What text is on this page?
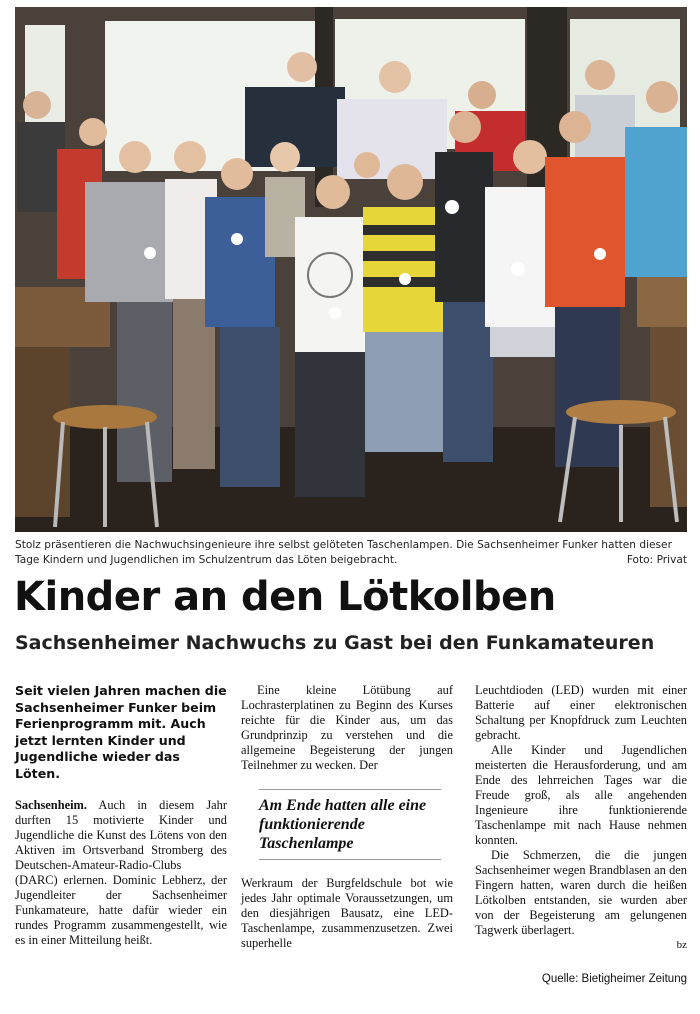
Stolz präsentieren die Nachwuchsingenieure ihre selbst gelöteten Taschenlampen. Die Sachsenheimer Funker hatten dieser Tage Kindern und Jugendlichen im Schulzentrum das Löten beigebracht.	Foto: Privat
Kinder an den Lötkolben
Sachsenheimer Nachwuchs zu Gast bei den Funkamateuren

Seit vielen Jahren machen die Sachsenheimer Funker beim Ferienprogramm mit. Auch jetzt lernten Kinder und Jugendliche wieder das Löten.

Sachsenheim. Auch in diesem Jahr durften 15 motivierte Kinder und Jugendliche die Kunst des Lötens von den Aktiven im Ortsverband Stromberg des Deutschen-Amateur-Radio-Clubs (DARC) erlernen. Dominic Lebherz, der Jugendleiter der Sachsenheimer Funkamateure, hatte dafür wieder ein rundes Programm zusammengestellt, wie es in einer Mitteilung heißt.

Eine kleine Lötübung auf Lochrasterplatinen zu Beginn des Kurses reichte für die Kinder aus, um das Grundprinzip zu verstehen und die allgemeine Begeisterung der jungen Teilnehmer zu wecken. Der

Am Ende hatten alle eine funktionierende Taschenlampe

Werkraum der Burgfeldschule bot wie jedes Jahr optimale Voraussetzungen, um den diesjährigen Bausatz, eine LED-Taschenlampe, zusammenzusetzen. Zwei superhelle

Leuchtdioden (LED) wurden mit einer Batterie auf einer elektronischen Schaltung per Knopfdruck zum Leuchten gebracht.

Alle Kinder und Jugendlichen meisterten die Herausforderung, und am Ende des lehrreichen Tages war die Freude groß, als alle angehenden Ingenieure ihre funktionierende Taschenlampe mit nach Hause nehmen konnten.

Die Schmerzen, die die jungen Sachsenheimer wegen Brandblasen an den Fingern hatten, waren durch die heißen Lötkolben entstanden, sie wurden aber von der Begeisterung am gelungenen Tagwerk überlagert.

bz

Quelle: Bietigheimer Zeitung
